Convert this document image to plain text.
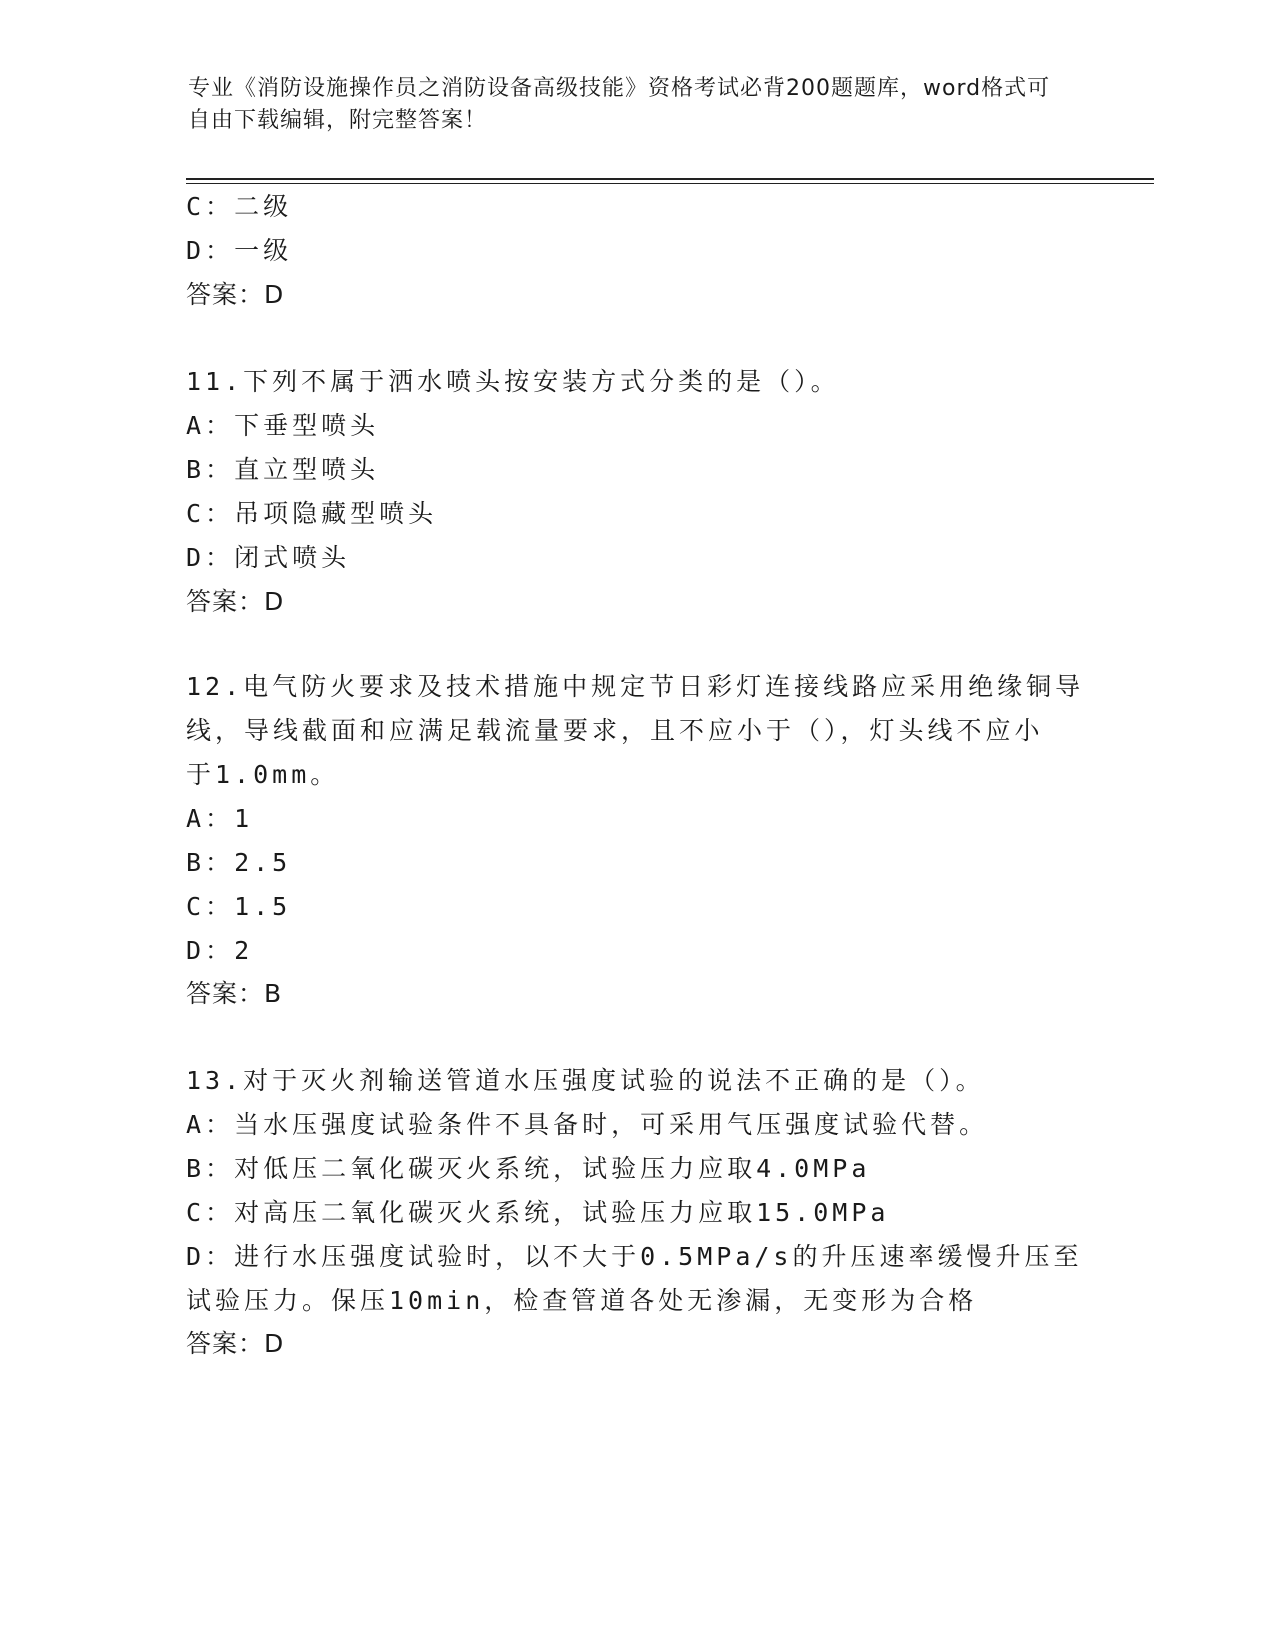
专业《消防设施操作员之消防设备高级技能》资格考试必背200题题库，word格式可自由下载编辑，附完整答案！
C：二级
D：一级
答案：D
11.下列不属于洒水喷头按安装方式分类的是（）。
A：下垂型喷头
B：直立型喷头
C：吊项隐藏型喷头
D：闭式喷头
答案：D
12.电气防火要求及技术措施中规定节日彩灯连接线路应采用绝缘铜导
线，导线截面和应满足载流量要求，且不应小于（），灯头线不应小
于1.0mm。
A：1
B：2.5
C：1.5
D：2
答案：B
13.对于灭火剂输送管道水压强度试验的说法不正确的是（）。
A：当水压强度试验条件不具备时，可采用气压强度试验代替。
B：对低压二氧化碳灭火系统，试验压力应取4.0MPa
C：对高压二氧化碳灭火系统，试验压力应取15.0MPa
D：进行水压强度试验时，以不大于0.5MPa/s的升压速率缓慢升压至
试验压力。保压10min，检查管道各处无渗漏，无变形为合格
答案：D
